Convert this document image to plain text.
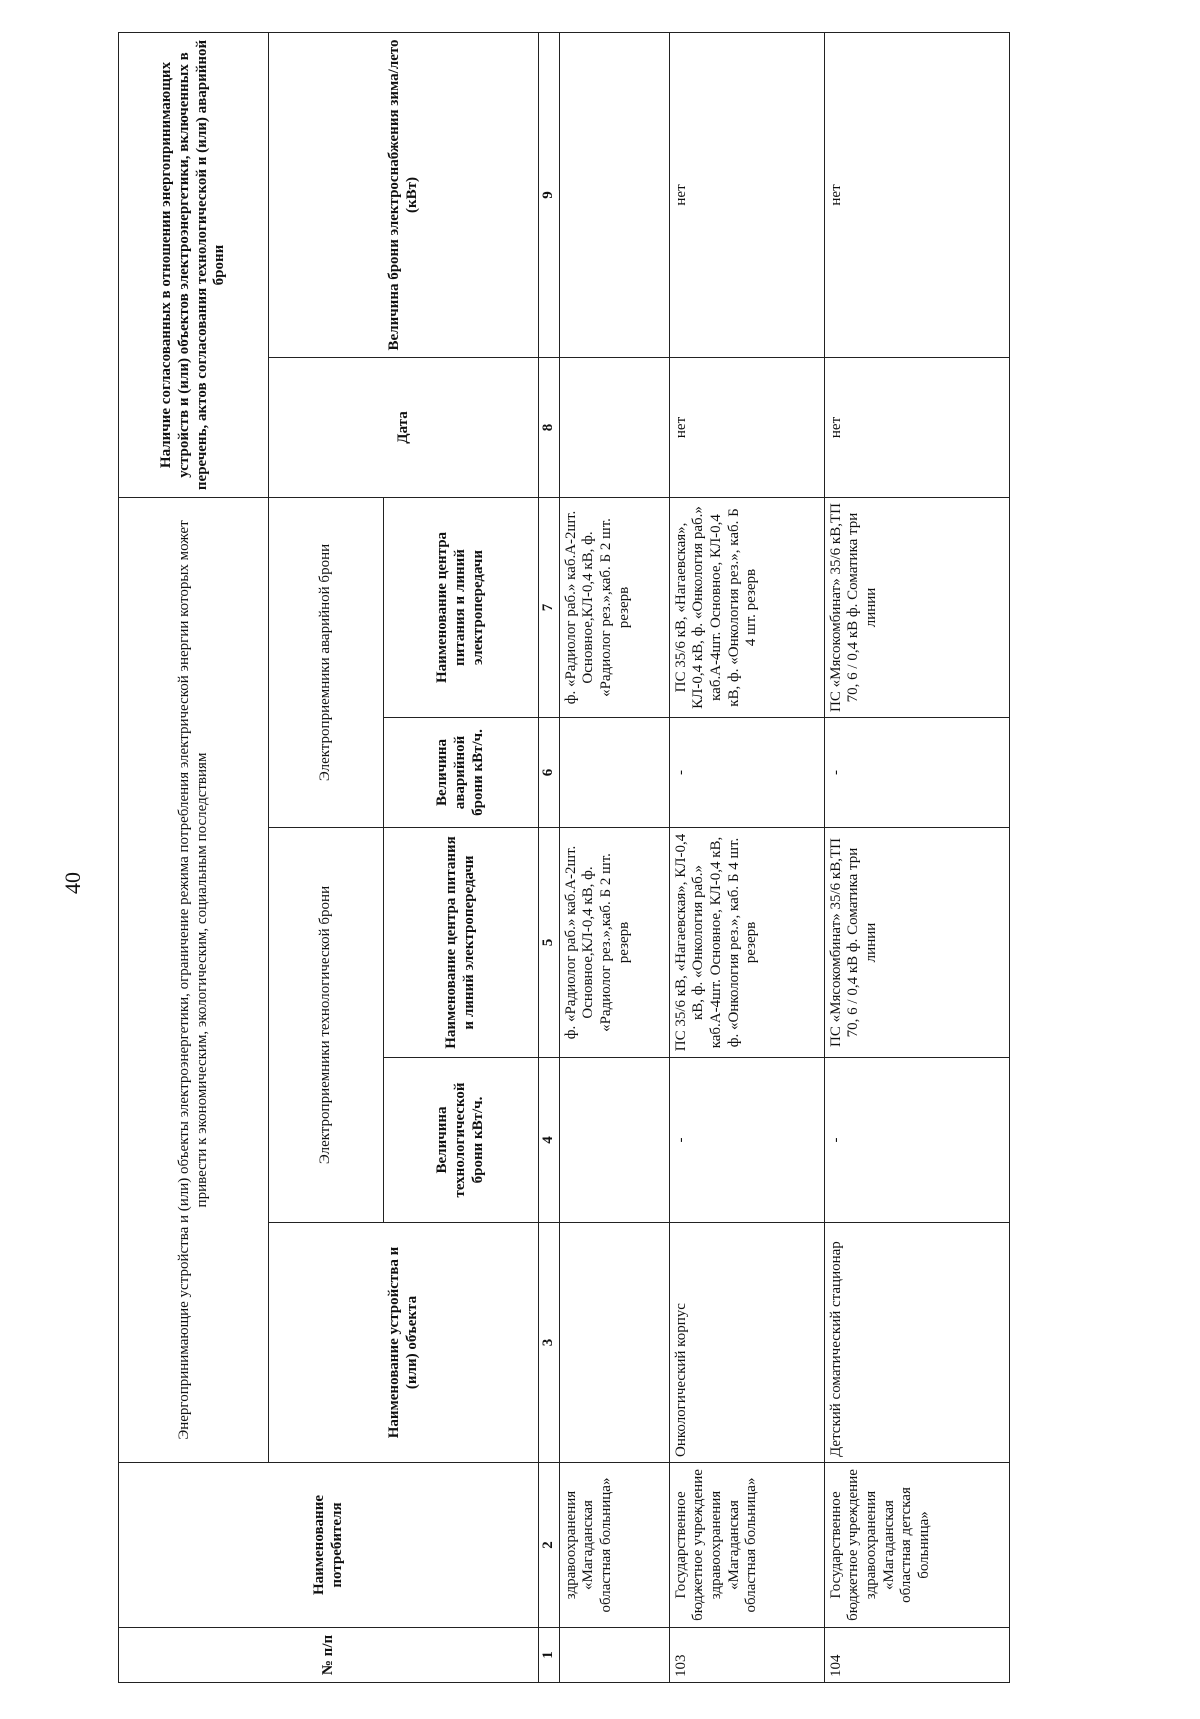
40
№ п/п	Наименование потребителя	Энергопринимающие устройства и (или) объекты электроэнергетики, ограничение режима потребления электрической энергии которых может привести к экономическим, экологическим, социальным последствиям					Наличие согласованных в отношении энергопринимающих устройств и (или) объектов электроэнергетики, включенных в перечень, актов согласования технологической и (или) аварийной брони	
		Наименование устройства и (или) объекта	Электроприемники технологической брони		Электроприемники аварийной брони		Дата	Величина брони электроснабжения зима/лето (кВт)
			Величина технологической брони кВт/ч.	Наименование центра питания и линий электропередачи	Величина аварийной брони кВт/ч.	Наименование центра питания и линий электропередачи		
1	2	3	4	5	6	7	8	9
	здравоохранения «Магаданская областная больница»			ф. «Радиолог раб.» каб.А-2шт. Основное,КЛ-0,4 кВ, ф. «Радиолог рез.»,каб. Б 2 шт. резерв		ф. «Радиолог раб.» каб.А-2шт. Основное,КЛ-0,4 кВ, ф. «Радиолог рез.»,каб. Б 2 шт. резерв		
103	Государственное бюджетное учреждение здравоохранения «Магаданская областная больница»	Онкологический корпус	-	ПС 35/6 кВ, «Нагаевская», КЛ-0,4 кВ, ф. «Онкология раб.» каб.А-4шт. Основное, КЛ-0,4 кВ, ф. «Онкология рез.», каб. Б 4 шт. резерв	-	ПС 35/6 кВ, «Нагаевская», КЛ-0,4 кВ, ф. «Онкология раб.» каб.А-4шт. Основное, КЛ-0,4 кВ, ф. «Онкология рез.», каб. Б 4 шт. резерв	нет	нет
104	Государственное бюджетное учреждение здравоохранения «Магаданская областная детская больница»	Детский соматический стационар	-	ПС «Мясокомбинат» 35/6 кВ,ТП 70, 6 / 0,4 кВ ф. Соматика три линии	-	ПС «Мясокомбинат» 35/6 кВ,ТП 70, 6 / 0,4 кВ ф. Соматика три линии	нет	нет
